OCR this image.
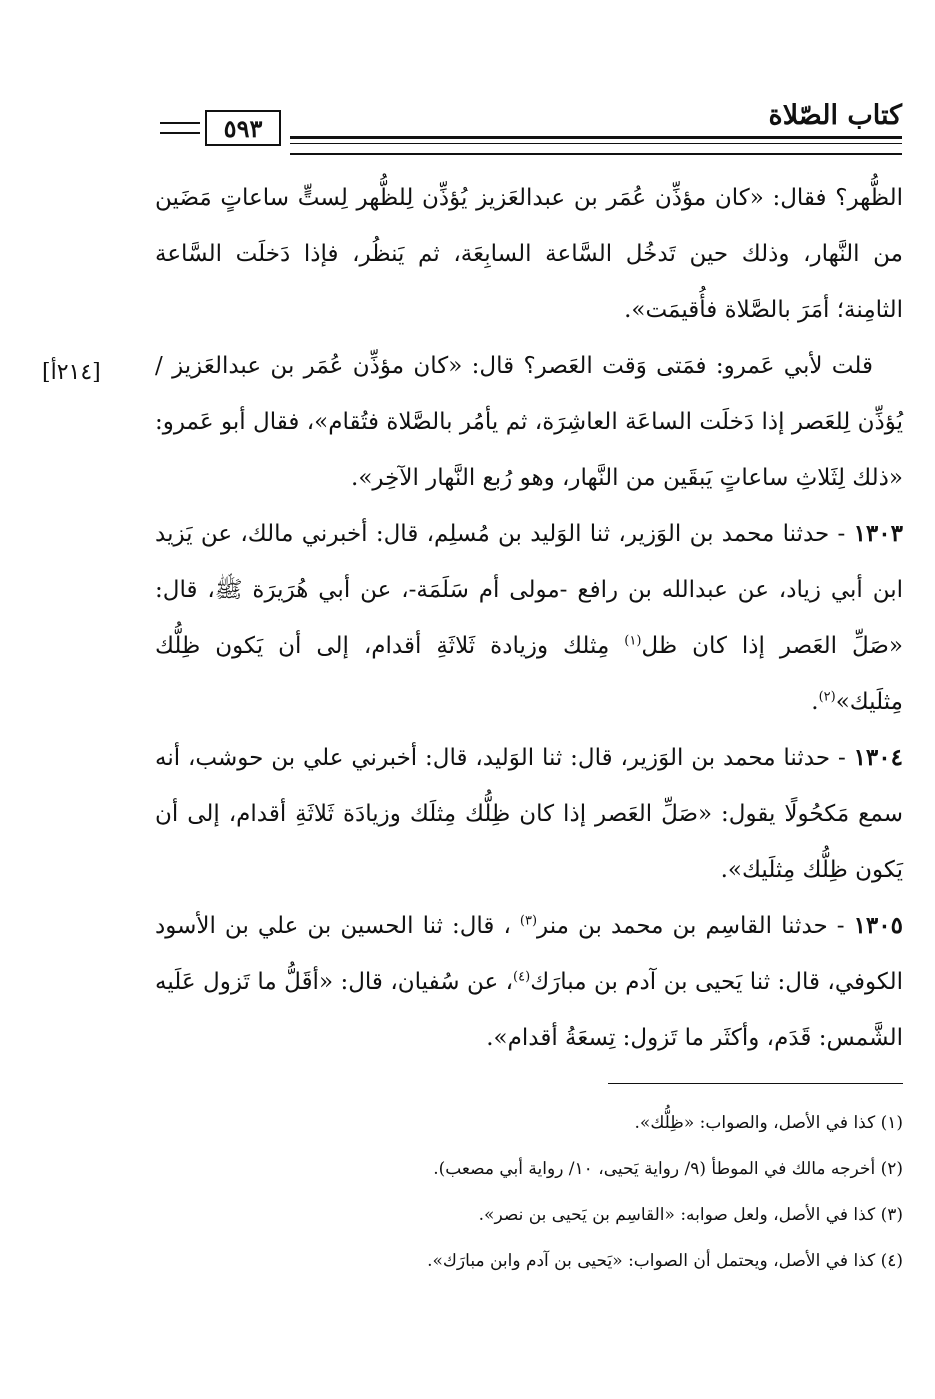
كتاب الصّلاة
٥٩٣
[٢١٤أ]

الظُّهر؟ فقال: «كان مؤذِّن عُمَر بن عبدالعَزيز يُؤذِّن لِلظُّهر لِستٍّ ساعاتٍ مَضَين من النَّهار، وذلك حين تَدخُل السَّاعة السابِعَة، ثم يَنظُر، فإذا دَخلَت السَّاعة الثامِنة؛ أمَرَ بالصَّلاة فأُقيمَت».

قلت لأبي عَمرو: فمَتى وَقت العَصر؟ قال: «كان مؤذِّن عُمَر بن عبدالعَزيز / يُؤذِّن لِلعَصر إذا دَخلَت الساعَة العاشِرَة، ثم يأمُر بالصَّلاة فتُقام»، فقال أبو عَمرو: «ذلك لِثَلاثِ ساعاتٍ يَبقَين من النَّهار، وهو رُبع النَّهار الآخِر».

١٣٠٣ - حدثنا محمد بن الوَزير، ثنا الوَليد بن مُسلِم، قال: أخبرني مالك، عن يَزيد ابن أبي زياد، عن عبدالله بن رافع -مولى أم سَلَمَة-، عن أبي هُرَيرَة ﷺ، قال: «صَلِّ العَصر إذا كان ظل$^{(١)}$ مِثلك وزيادة ثَلاثَةِ أقدام، إلى أن يَكون ظِلُّك مِثلَيك»$^{(٢)}$.

١٣٠٤ - حدثنا محمد بن الوَزير، قال: ثنا الوَليد، قال: أخبرني علي بن حوشب، أنه سمع مَكحُولًا يقول: «صَلِّ العَصر إذا كان ظِلُّك مِثلَك وزيادَة ثَلاثَةِ أقدام، إلى أن يَكون ظِلُّك مِثلَيك».

١٣٠٥ - حدثنا القاسِم بن محمد بن منر$^{(٣)}$ ، قال: ثنا الحسين بن علي بن الأسود الكوفي، قال: ثنا يَحيى بن آدم بن مبارَك$^{(٤)}$، عن سُفيان، قال: «أقَلُّ ما تَزول عَلَيه الشَّمس: قَدَم، وأكثَر ما تَزول: تِسعَةُ أقدام».

(١) كذا في الأصل، والصواب: «ظِلُّك».
(٢) أخرجه مالك في الموطأ (٩/ رواية يَحيى، ١٠/ رواية أبي مصعب).
(٣) كذا في الأصل، ولعل صوابه: «القاسِم بن يَحيى بن نصر».
(٤) كذا في الأصل، ويحتمل أن الصواب: «يَحيى بن آدم وابن مبارَك».
